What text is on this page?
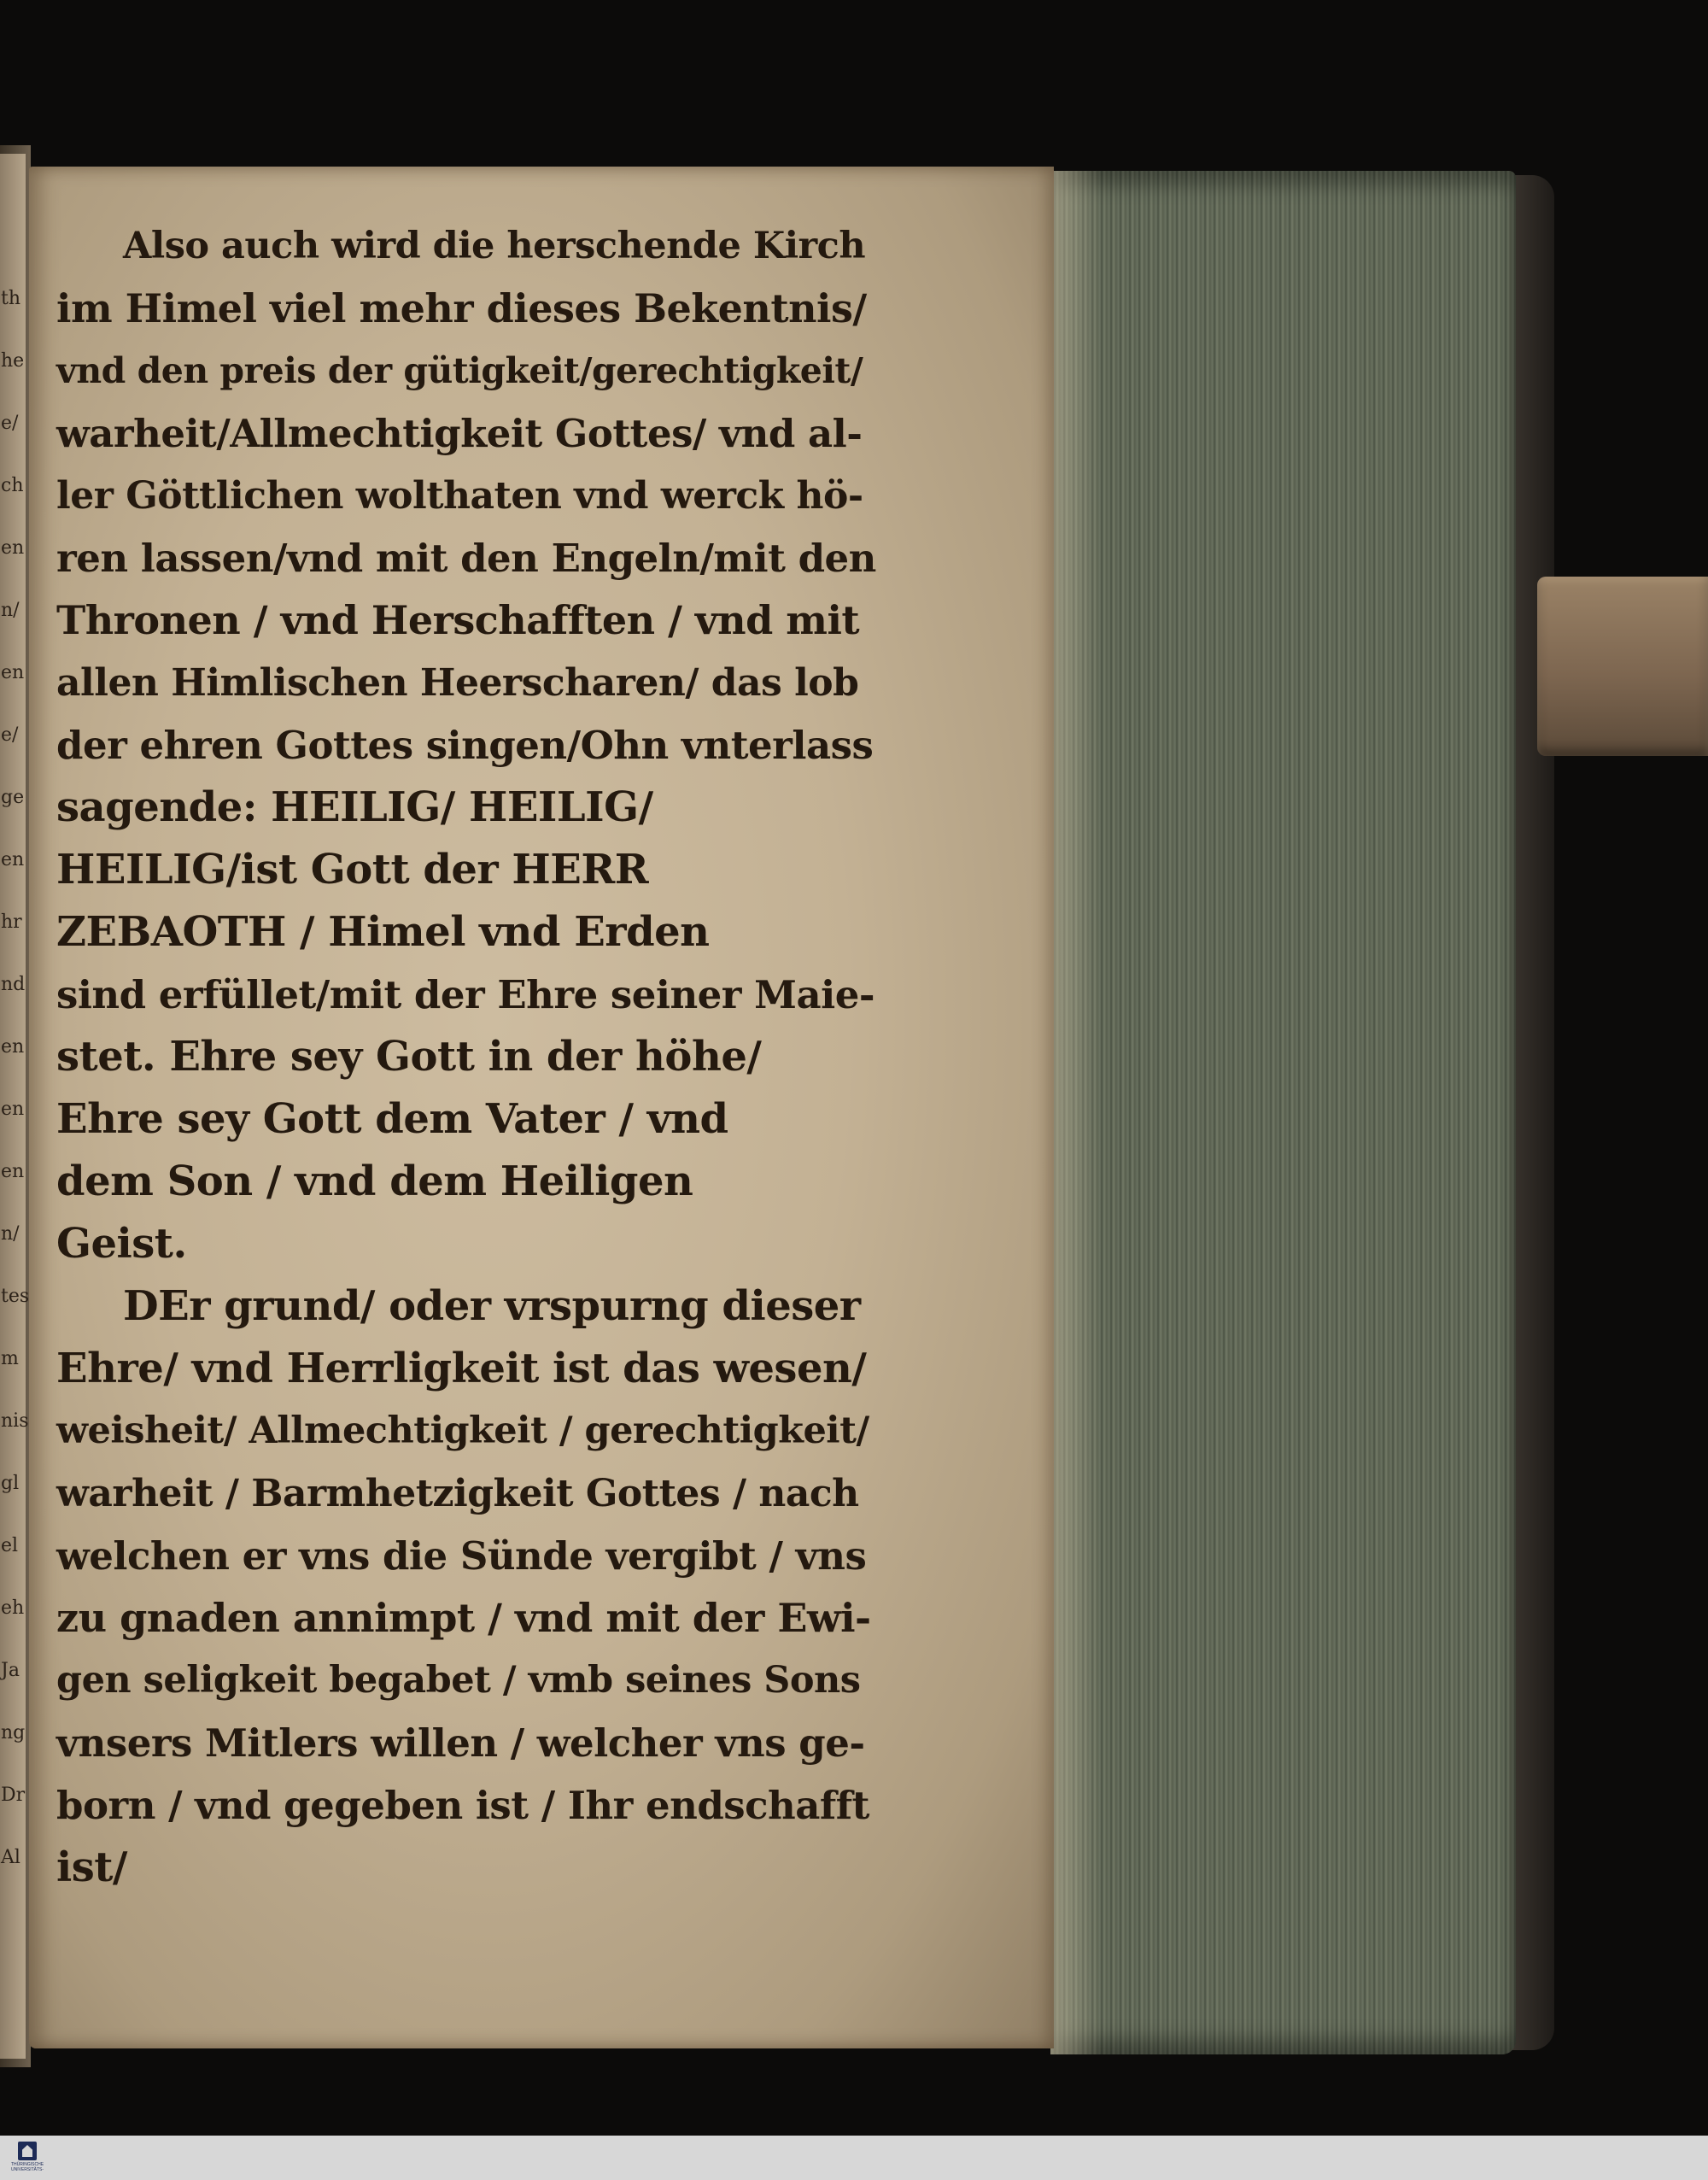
th
he
e/
ch
en
n/
en
e/
ge
en
hr
nd
en
en
en
n/
tes
m
nis
gl
el
eh
Ja
ng
Dr
Al
Also auch wird die herschende Kirch
im Himel viel mehr dieses Bekentnis/
vnd den preis der gütigkeit/gerechtigkeit/
warheit/Allmechtigkeit Gottes/ vnd al-
ler Göttlichen wolthaten vnd werck hö-
ren lassen/vnd mit den Engeln/mit den
Thronen / vnd Herschafften / vnd mit
allen Himlischen Heerscharen/ das lob
der ehren Gottes singen/Ohn vnterlass
sagende: HEILIG/ HEILIG/
HEILIG/ist Gott der HERR
ZEBAOTH / Himel vnd Erden
sind erfüllet/mit der Ehre seiner Maie-
stet. Ehre sey Gott in der höhe/
Ehre sey Gott dem Vater / vnd
dem Son / vnd dem Heiligen
Geist.
DEr grund/ oder vrspurng dieser
Ehre/ vnd Herrligkeit ist das wesen/
weisheit/ Allmechtigkeit / gerechtigkeit/
warheit / Barmhetzigkeit Gottes / nach
welchen er vns die Sünde vergibt / vns
zu gnaden annimpt / vnd mit der Ewi-
gen seligkeit begabet / vmb seines Sons
vnsers Mitlers willen / welcher vns ge-
born / vnd gegeben ist / Ihr endschafft
ist/
THÜRINGISCHE
UNIVERSITÄTS-
